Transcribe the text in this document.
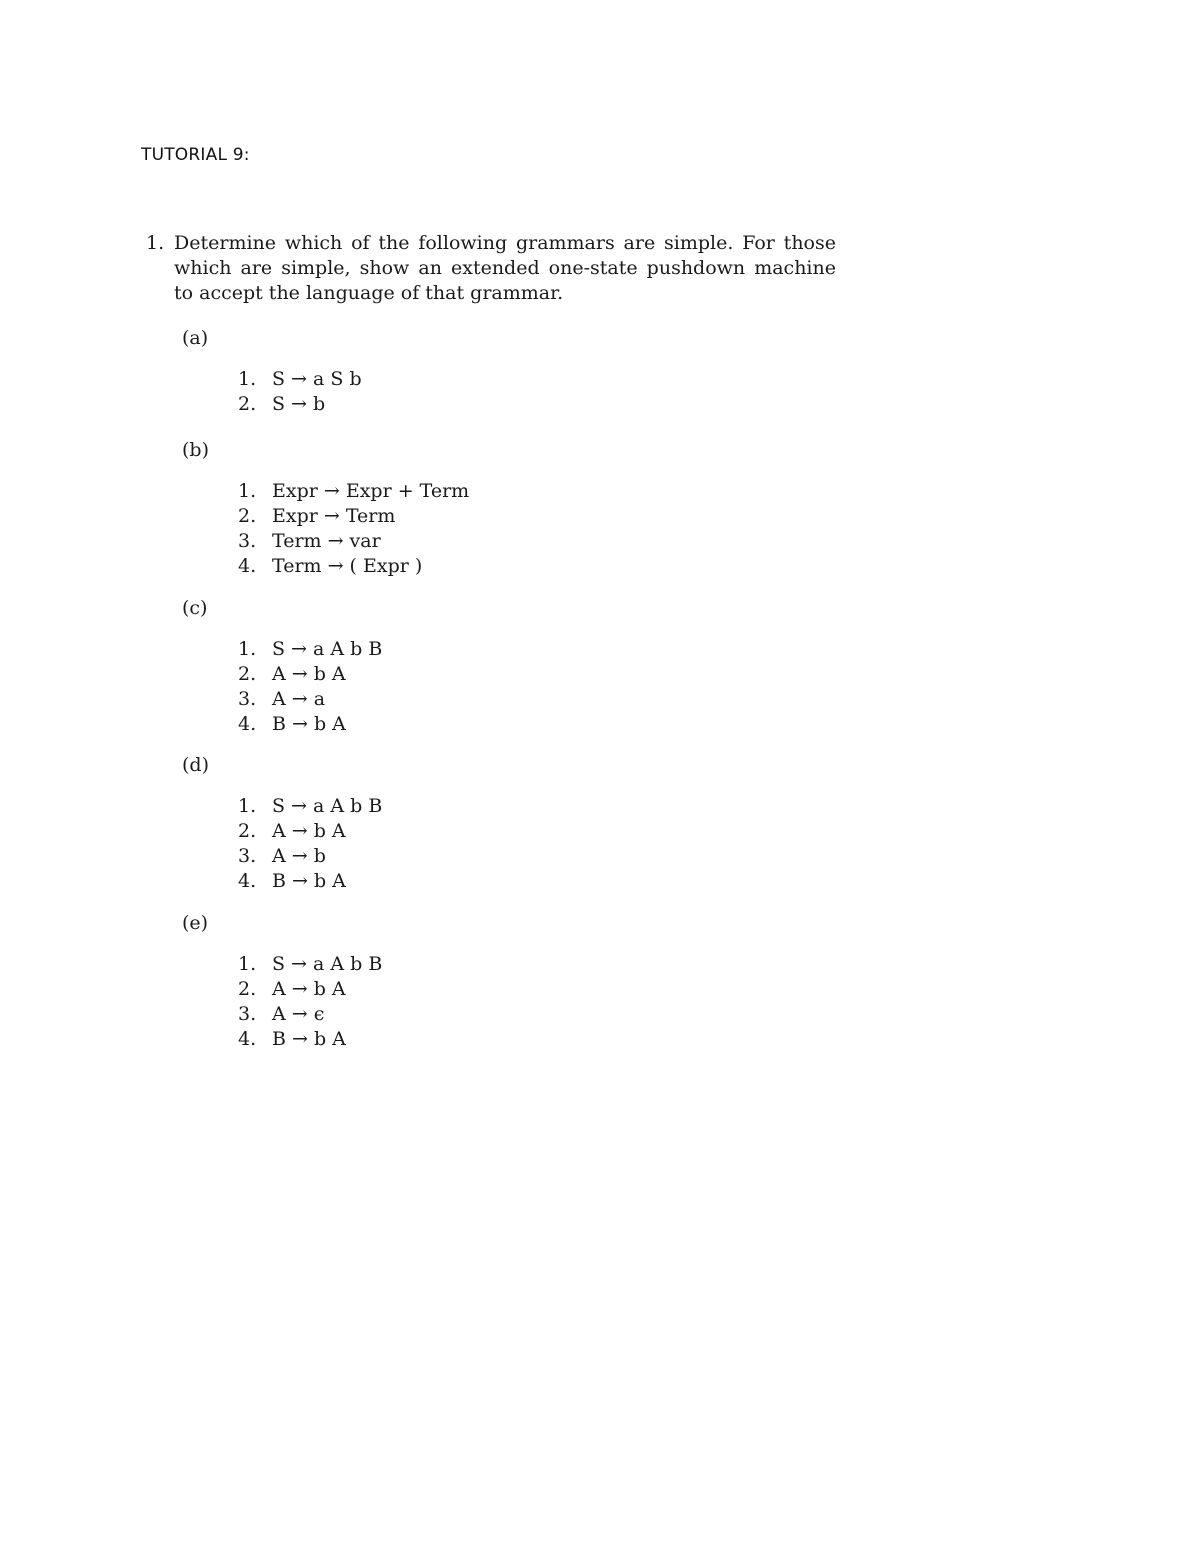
TUTORIAL 9:
1. Determine which of the following grammars are simple. For those which are simple, show an extended one-state pushdown machine to accept the language of that grammar.
(a)
1. S → a S b
2. S → b
(b)
1. Expr → Expr + Term
2. Expr → Term
3. Term → var
4. Term → ( Expr )
(c)
1. S → a A b B
2. A → b A
3. A → a
4. B → b A
(d)
1. S → a A b B
2. A → b A
3. A → b
4. B → b A
(e)
1. S → a A b B
2. A → b A
3. A → ϵ
4. B → b A
